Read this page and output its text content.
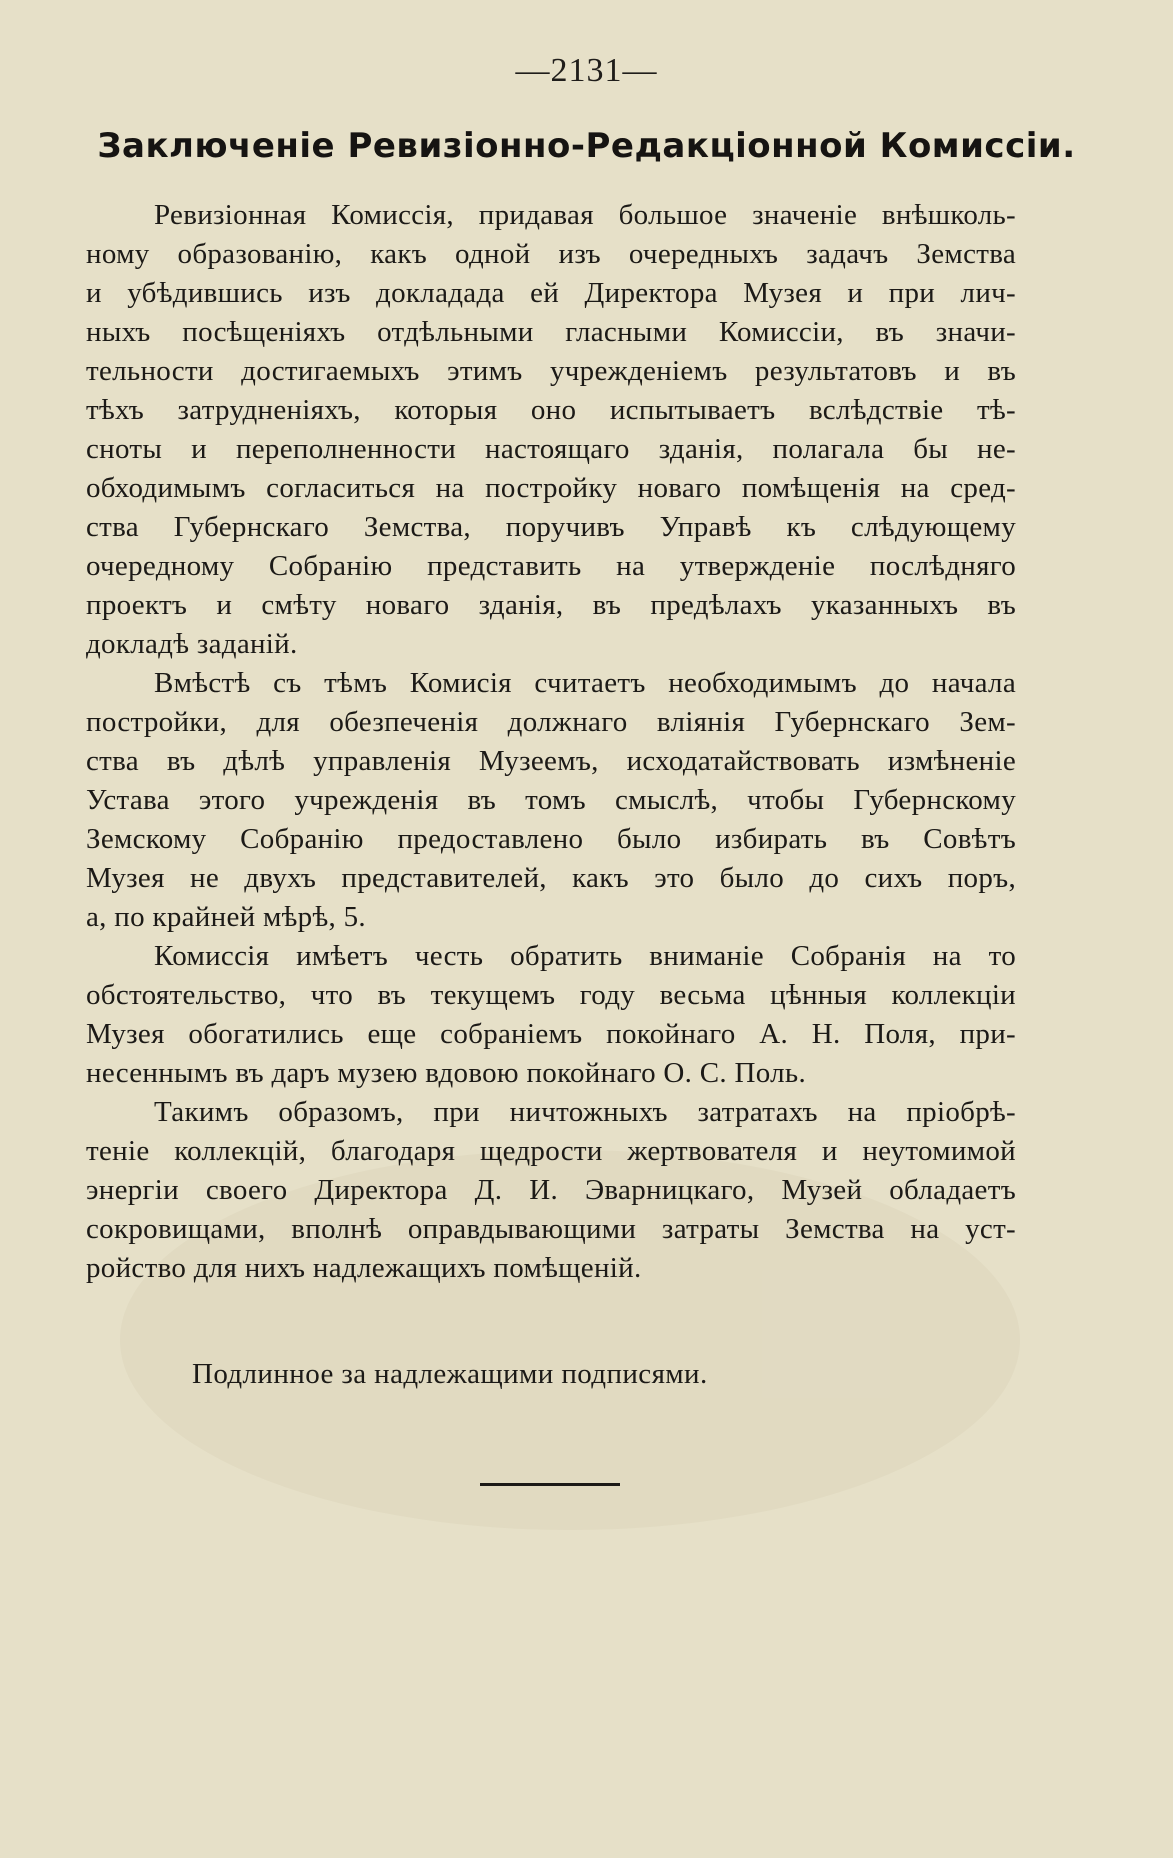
—2131—
Заключеніе Ревизіонно-Редакціонной Комиссіи.
Ревизіонная Комиссія, придавая большое значеніе внѣшколь-
ному образованію, какъ одной изъ очередныхъ задачъ Земства
и убѣдившись изъ докладада ей Директора Музея и при лич-
ныхъ посѣщеніяхъ отдѣльными гласными Комиссіи, въ значи-
тельности достигаемыхъ этимъ учрежденіемъ результатовъ и въ
тѣхъ затрудненіяхъ, которыя оно испытываетъ вслѣдствіе тѣ-
сноты и переполненности настоящаго зданія, полагала бы не-
обходимымъ согласиться на постройку новаго помѣщенія на сред-
ства Губернскаго Земства, поручивъ Управѣ къ слѣдующему
очередному Собранію представить на утвержденіе послѣдняго
проектъ и смѣту новаго зданія, въ предѣлахъ указанныхъ въ
докладѣ заданій.
Вмѣстѣ съ тѣмъ Комисія считаетъ необходимымъ до начала
постройки, для обезпеченія должнаго вліянія Губернскаго Зем-
ства въ дѣлѣ управленія Музеемъ, исходатайствовать измѣненіе
Устава этого учрежденія въ томъ смыслѣ, чтобы Губернскому
Земскому Собранію предоставлено было избирать въ Совѣтъ
Музея не двухъ представителей, какъ это было до сихъ поръ,
а, по крайней мѣрѣ, 5.
Комиссія имѣетъ честь обратить вниманіе Собранія на то
обстоятельство, что въ текущемъ году весьма цѣнныя коллекціи
Музея обогатились еще собраніемъ покойнаго А. Н. Поля, при-
несеннымъ въ даръ музею вдовою покойнаго О. С. Поль.
Такимъ образомъ, при ничтожныхъ затратахъ на пріобрѣ-
теніе коллекцій, благодаря щедрости жертвователя и неутомимой
энергіи своего Директора Д. И. Эварницкаго, Музей обладаетъ
сокровищами, вполнѣ оправдывающими затраты Земства на уст-
ройство для нихъ надлежащихъ помѣщеній.
Подлинное за надлежащими подписями.
